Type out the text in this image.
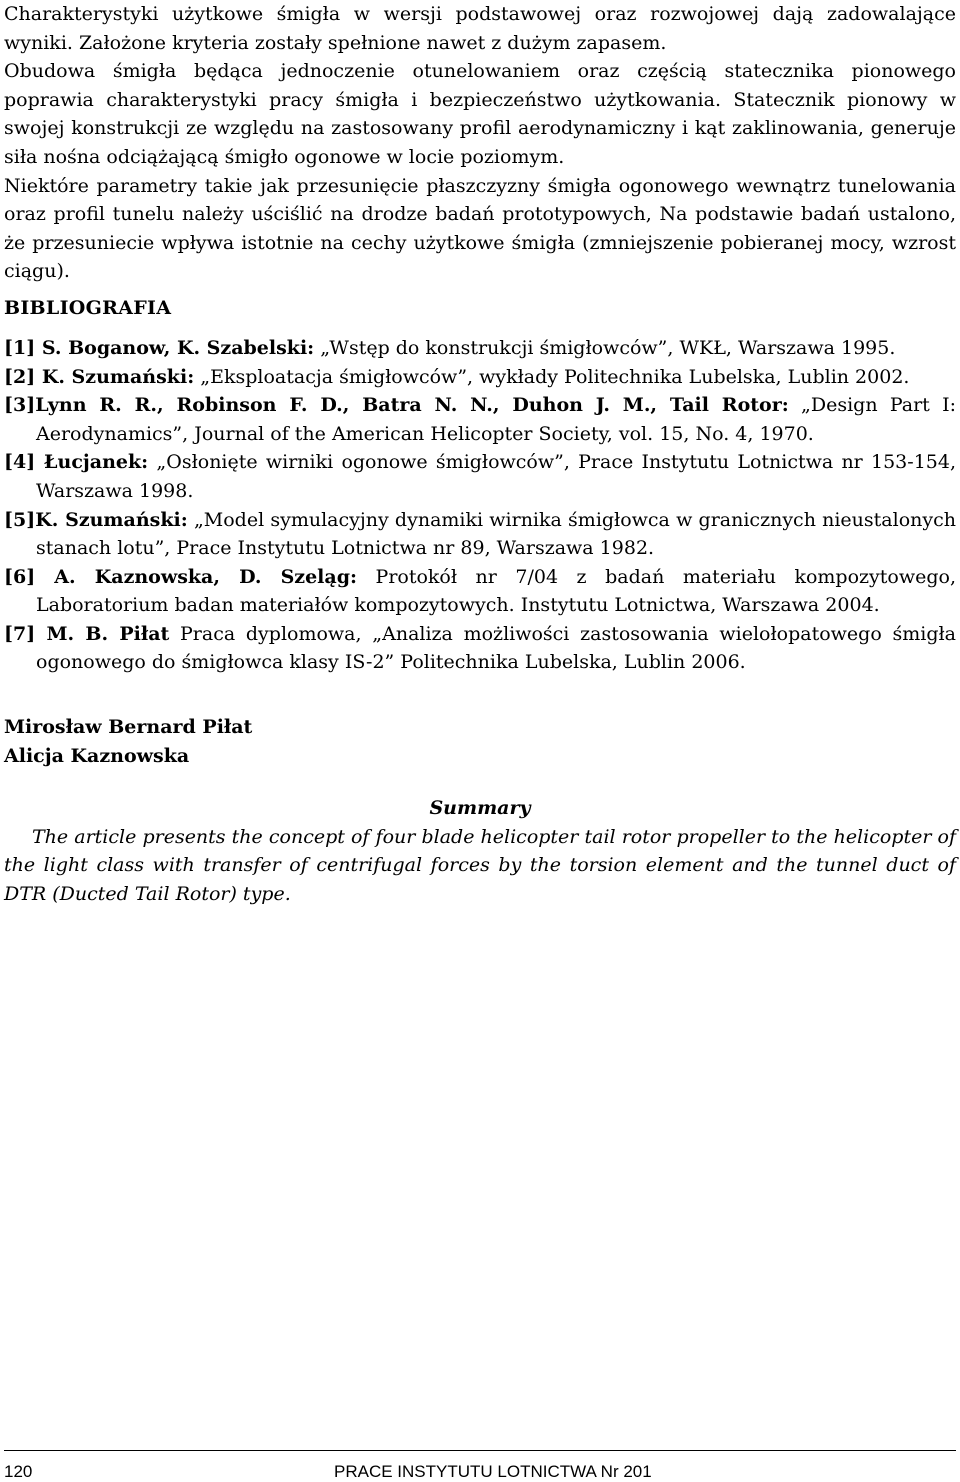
Charakterystyki użytkowe śmigła w wersji podstawowej oraz rozwojowej dają zadowalające wyniki. Założone kryteria zostały spełnione nawet z dużym zapasem.

Obudowa śmigła będąca jednoczenie otunelowaniem oraz częścią statecznika pionowego poprawia charakterystyki pracy śmigła i bezpieczeństwo użytkowania. Statecznik pionowy w swojej konstrukcji ze względu na zastosowany profil aerodynamiczny i kąt zaklinowania, generuje siła nośna odciążającą śmigło ogonowe w locie poziomym.

Niektóre parametry takie jak przesunięcie płaszczyzny śmigła ogonowego wewnątrz tunelowania oraz profil tunelu należy uściślić na drodze badań prototypowych, Na podstawie badań ustalono, że przesuniecie wpływa istotnie na cechy użytkowe śmigła (zmniejszenie pobieranej mocy, wzrost ciągu).

BIBLIOGRAFIA
[1] S. Boganow, K. Szabelski: „Wstęp do konstrukcji śmigłowców”, WKŁ, Warszawa 1995.
[2] K. Szumański: „Eksploatacja śmigłowców”, wykłady Politechnika Lubelska, Lublin 2002.
[3]Lynn R. R., Robinson F. D., Batra N. N., Duhon J. M., Tail Rotor: „Design Part I: Aerodynamics”, Journal of the American Helicopter Society, vol. 15, No. 4, 1970.
[4] Łucjanek: „Osłonięte wirniki ogonowe śmigłowców”, Prace Instytutu Lotnictwa nr 153-154, Warszawa 1998.
[5]K. Szumański: „Model symulacyjny dynamiki wirnika śmigłowca w granicznych nieustalonych stanach lotu”, Prace Instytutu Lotnictwa nr 89, Warszawa 1982.
[6] A. Kaznowska, D. Szeląg: Protokół nr 7/04 z badań materiału kompozytowego, Laboratorium badan materiałów kompozytowych. Instytutu Lotnictwa, Warszawa 2004.
[7] M. B. Piłat Praca dyplomowa, „Analiza możliwości zastosowania wielołopatowego śmigła ogonowego do śmigłowca klasy IS-2” Politechnika Lubelska, Lublin 2006.
Mirosław Bernard Piłat
Alicja Kaznowska

Summary

The article presents the concept of four blade helicopter tail rotor propeller to the helicopter of the light class with transfer of centrifugal forces by the torsion element and the tunnel duct of DTR (Ducted Tail Rotor) type.

120	PRACE INSTYTUTU LOTNICTWA Nr 201
